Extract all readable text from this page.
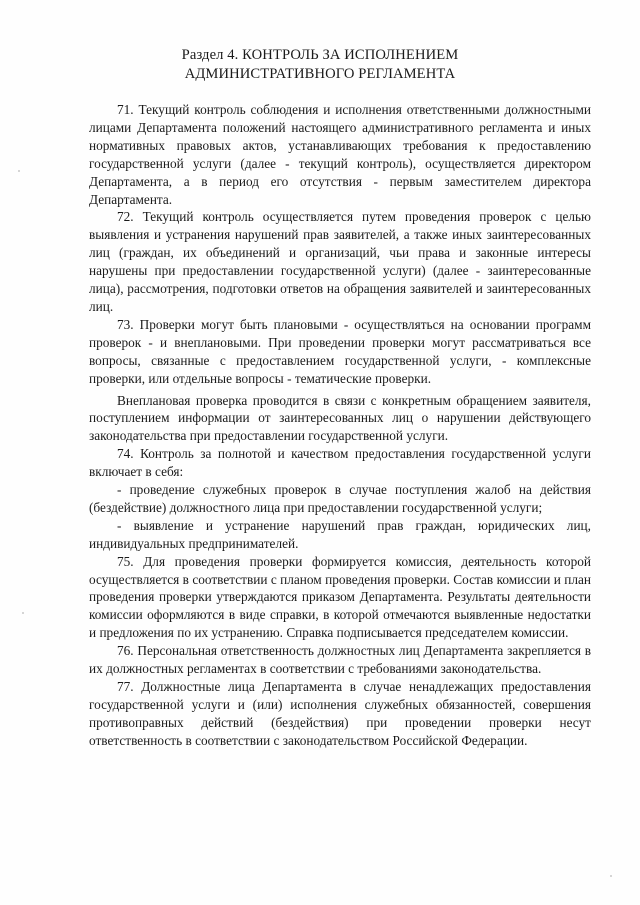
Раздел 4. КОНТРОЛЬ ЗА ИСПОЛНЕНИЕМ
АДМИНИСТРАТИВНОГО РЕГЛАМЕНТА

71. Текущий контроль соблюдения и исполнения ответственными должностными лицами Департамента положений настоящего административного регламента и иных нормативных правовых актов, устанавливающих требования к предоставлению государственной услуги (далее - текущий контроль), осуществляется директором Департамента, а в период его отсутствия - первым заместителем директора Департамента.

72. Текущий контроль осуществляется путем проведения проверок с целью выявления и устранения нарушений прав заявителей, а также иных заинтересованных лиц (граждан, их объединений и организаций, чьи права и законные интересы нарушены при предоставлении государственной услуги) (далее - заинтересованные лица), рассмотрения, подготовки ответов на обращения заявителей и заинтересованных лиц.

73. Проверки могут быть плановыми - осуществляться на основании программ проверок - и внеплановыми. При проведении проверки могут рассматриваться все вопросы, связанные с предоставлением государственной услуги, - комплексные проверки, или отдельные вопросы - тематические проверки.

Внеплановая проверка проводится в связи с конкретным обращением заявителя, поступлением информации от заинтересованных лиц о нарушении действующего законодательства при предоставлении государственной услуги.

74. Контроль за полнотой и качеством предоставления государственной услуги включает в себя:

- проведение служебных проверок в случае поступления жалоб на действия (бездействие) должностного лица при предоставлении государственной услуги;

- выявление и устранение нарушений прав граждан, юридических лиц, индивидуальных предпринимателей.

75. Для проведения проверки формируется комиссия, деятельность которой осуществляется в соответствии с планом проведения проверки. Состав комиссии и план проведения проверки утверждаются приказом Департамента. Результаты деятельности комиссии оформляются в виде справки, в которой отмечаются выявленные недостатки и предложения по их устранению. Справка подписывается председателем комиссии.

76. Персональная ответственность должностных лиц Департамента закрепляется в их должностных регламентах в соответствии с требованиями законодательства.

77. Должностные лица Департамента в случае ненадлежащих предоставления государственной услуги и (или) исполнения служебных обязанностей, совершения противоправных действий (бездействия) при проведении проверки несут ответственность в соответствии с законодательством Российской Федерации.
